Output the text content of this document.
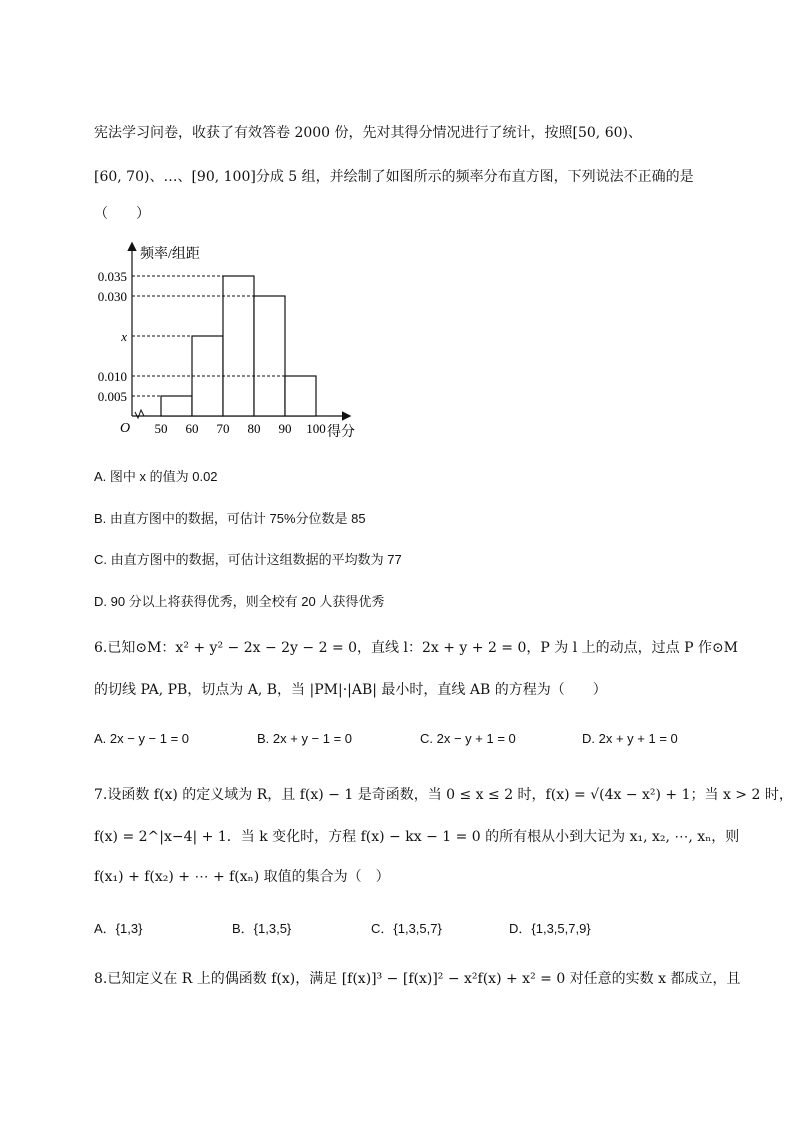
宪法学习问卷，收获了有效答卷 2000 份，先对其得分情况进行了统计，按照[50, 60)、
[60, 70)、…、[90, 100]分成 5 组，并绘制了如图所示的频率分布直方图，下列说法不正确的是
（　　）
0.035
0.030
x
0.010
0.005
50 60 70 80 90 100
O
频率/组距
得分
A. 图中 x 的值为 0.02
B. 由直方图中的数据，可估计 75%分位数是 85
C. 由直方图中的数据，可估计这组数据的平均数为 77
D. 90 分以上将获得优秀，则全校有 20 人获得优秀
6.已知⊙M：x² + y² − 2x − 2y − 2 = 0，直线 l：2x + y + 2 = 0，P 为 l 上的动点，过点 P 作⊙M
的切线 PA, PB，切点为 A, B，当 |PM|·|AB| 最小时，直线 AB 的方程为（　　）
A. 2x − y − 1 = 0	B. 2x + y − 1 = 0	C. 2x − y + 1 = 0	D. 2x + y + 1 = 0
7.设函数 f(x) 的定义域为 R，且 f(x) − 1 是奇函数，当 0 ≤ x ≤ 2 时，f(x) = √(4x − x²) + 1；当 x > 2 时，
f(x) = 2^|x−4| + 1．当 k 变化时，方程 f(x) − kx − 1 = 0 的所有根从小到大记为 x₁, x₂, ⋯, xₙ，则
f(x₁) + f(x₂) + ⋯ + f(xₙ) 取值的集合为（　）
A．{1,3}	B．{1,3,5}	C．{1,3,5,7}	D．{1,3,5,7,9}
8.已知定义在 R 上的偶函数 f(x)，满足 [f(x)]³ − [f(x)]² − x²f(x) + x² = 0 对任意的实数 x 都成立，且
